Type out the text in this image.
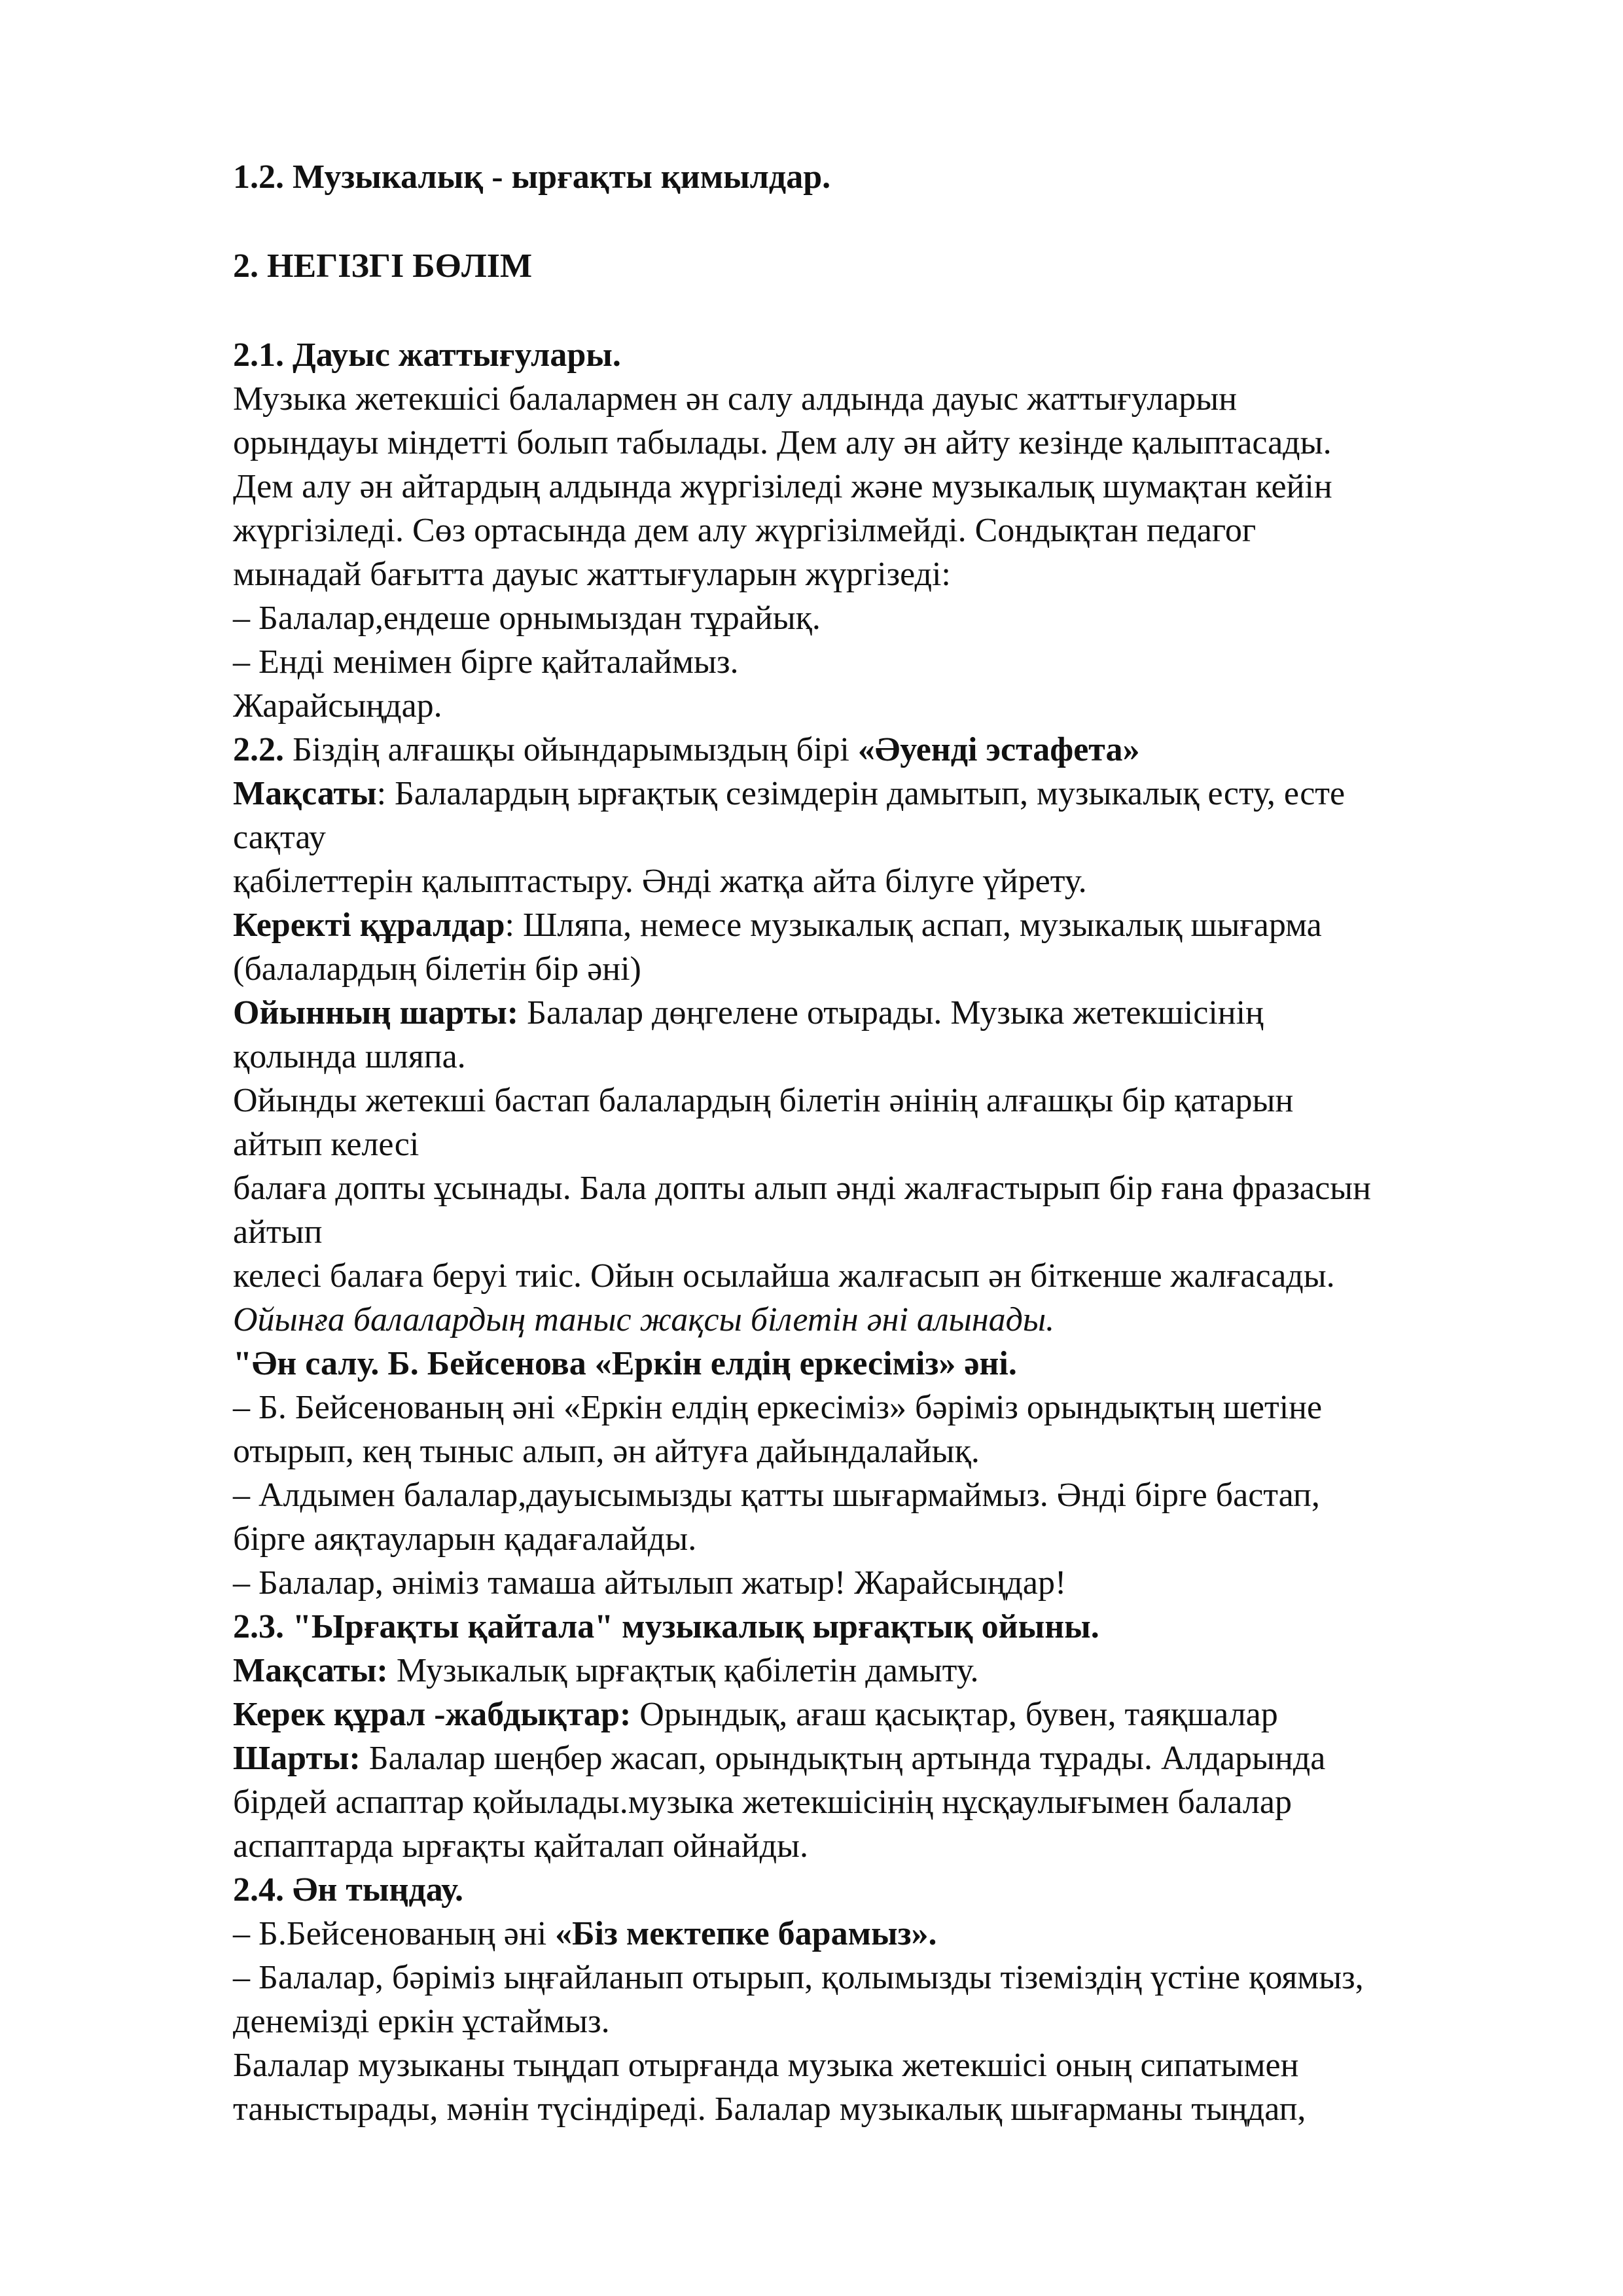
1.2. Музыкалық - ырғақты қимылдар.
2. НЕГІЗГІ БӨЛІМ
2.1. Дауыс жаттығулары.
Музыка жетекшісі балалармен ән салу алдында дауыс жаттығуларын
орындауы міндетті болып табылады. Дем алу ән айту кезінде қалыптасады.
Дем алу ән айтардың алдында жүргізіледі және музыкалық шумақтан кейін
жүргізіледі. Сөз ортасында дем алу жүргізілмейді. Сондықтан педагог
мынадай бағытта дауыс жаттығуларын жүргізеді:
– Балалар,ендеше орнымыздан тұрайық.
– Енді менімен бірге қайталаймыз.
Жарайсыңдар.
2.2. Біздің алғашқы ойындарымыздың бірі «Әуенді эстафета»
Мақсаты: Балалардың ырғақтық сезімдерін дамытып, музыкалық есту, есте
сақтау
қабілеттерін қалыптастыру. Әнді жатқа айта білуге үйрету.
Керекті құралдар: Шляпа, немесе музыкалық аспап, музыкалық шығарма
(балалардың білетін бір әні)
Ойынның шарты: Балалар дөңгелене отырады. Музыка жетекшісінің
қолында шляпа.
Ойынды жетекші бастап балалардың білетін әнінің алғашқы бір қатарын
айтып келесі
балаға допты ұсынады. Бала допты алып әнді жалғастырып бір ғана фразасын
айтып
келесі балаға беруі тиіс. Ойын осылайша жалғасып ән біткенше жалғасады.
Ойынға балалардың таныс жақсы білетін әні алынады.
"Ән салу. Б. Бейсенова «Еркін елдің еркесіміз» әні.
– Б. Бейсенованың әні «Еркін елдің еркесіміз» бәріміз орындықтың шетіне
отырып, кең тыныс алып, ән айтуға дайындалайық.
– Алдымен балалар,дауысымызды қатты шығармаймыз. Әнді бірге бастап,
бірге аяқтауларын қадағалайды.
– Балалар, әніміз тамаша айтылып жатыр! Жарайсыңдар!
2.3. "Ырғақты қайтала" музыкалық ырғақтық ойыны.
Мақсаты: Музыкалық ырғақтық қабілетін дамыту.
Керек құрал -жабдықтар: Орындық, ағаш қасықтар, бувен, таяқшалар
Шарты: Балалар шеңбер жасап, орындықтың артында тұрады. Алдарында
бірдей аспаптар қойылады.музыка жетекшісінің нұсқаулығымен балалар
аспаптарда ырғақты қайталап ойнайды.
2.4. Ән тыңдау.
– Б.Бейсенованың әні «Біз мектепке барамыз».
– Балалар, бәріміз ыңғайланып отырып, қолымызды тіземіздің үстіне қоямыз,
денемізді еркін ұстаймыз.
Балалар музыканы тыңдап отырғанда музыка жетекшісі оның сипатымен
таныстырады, мәнін түсіндіреді. Балалар музыкалық шығарманы тыңдап,
